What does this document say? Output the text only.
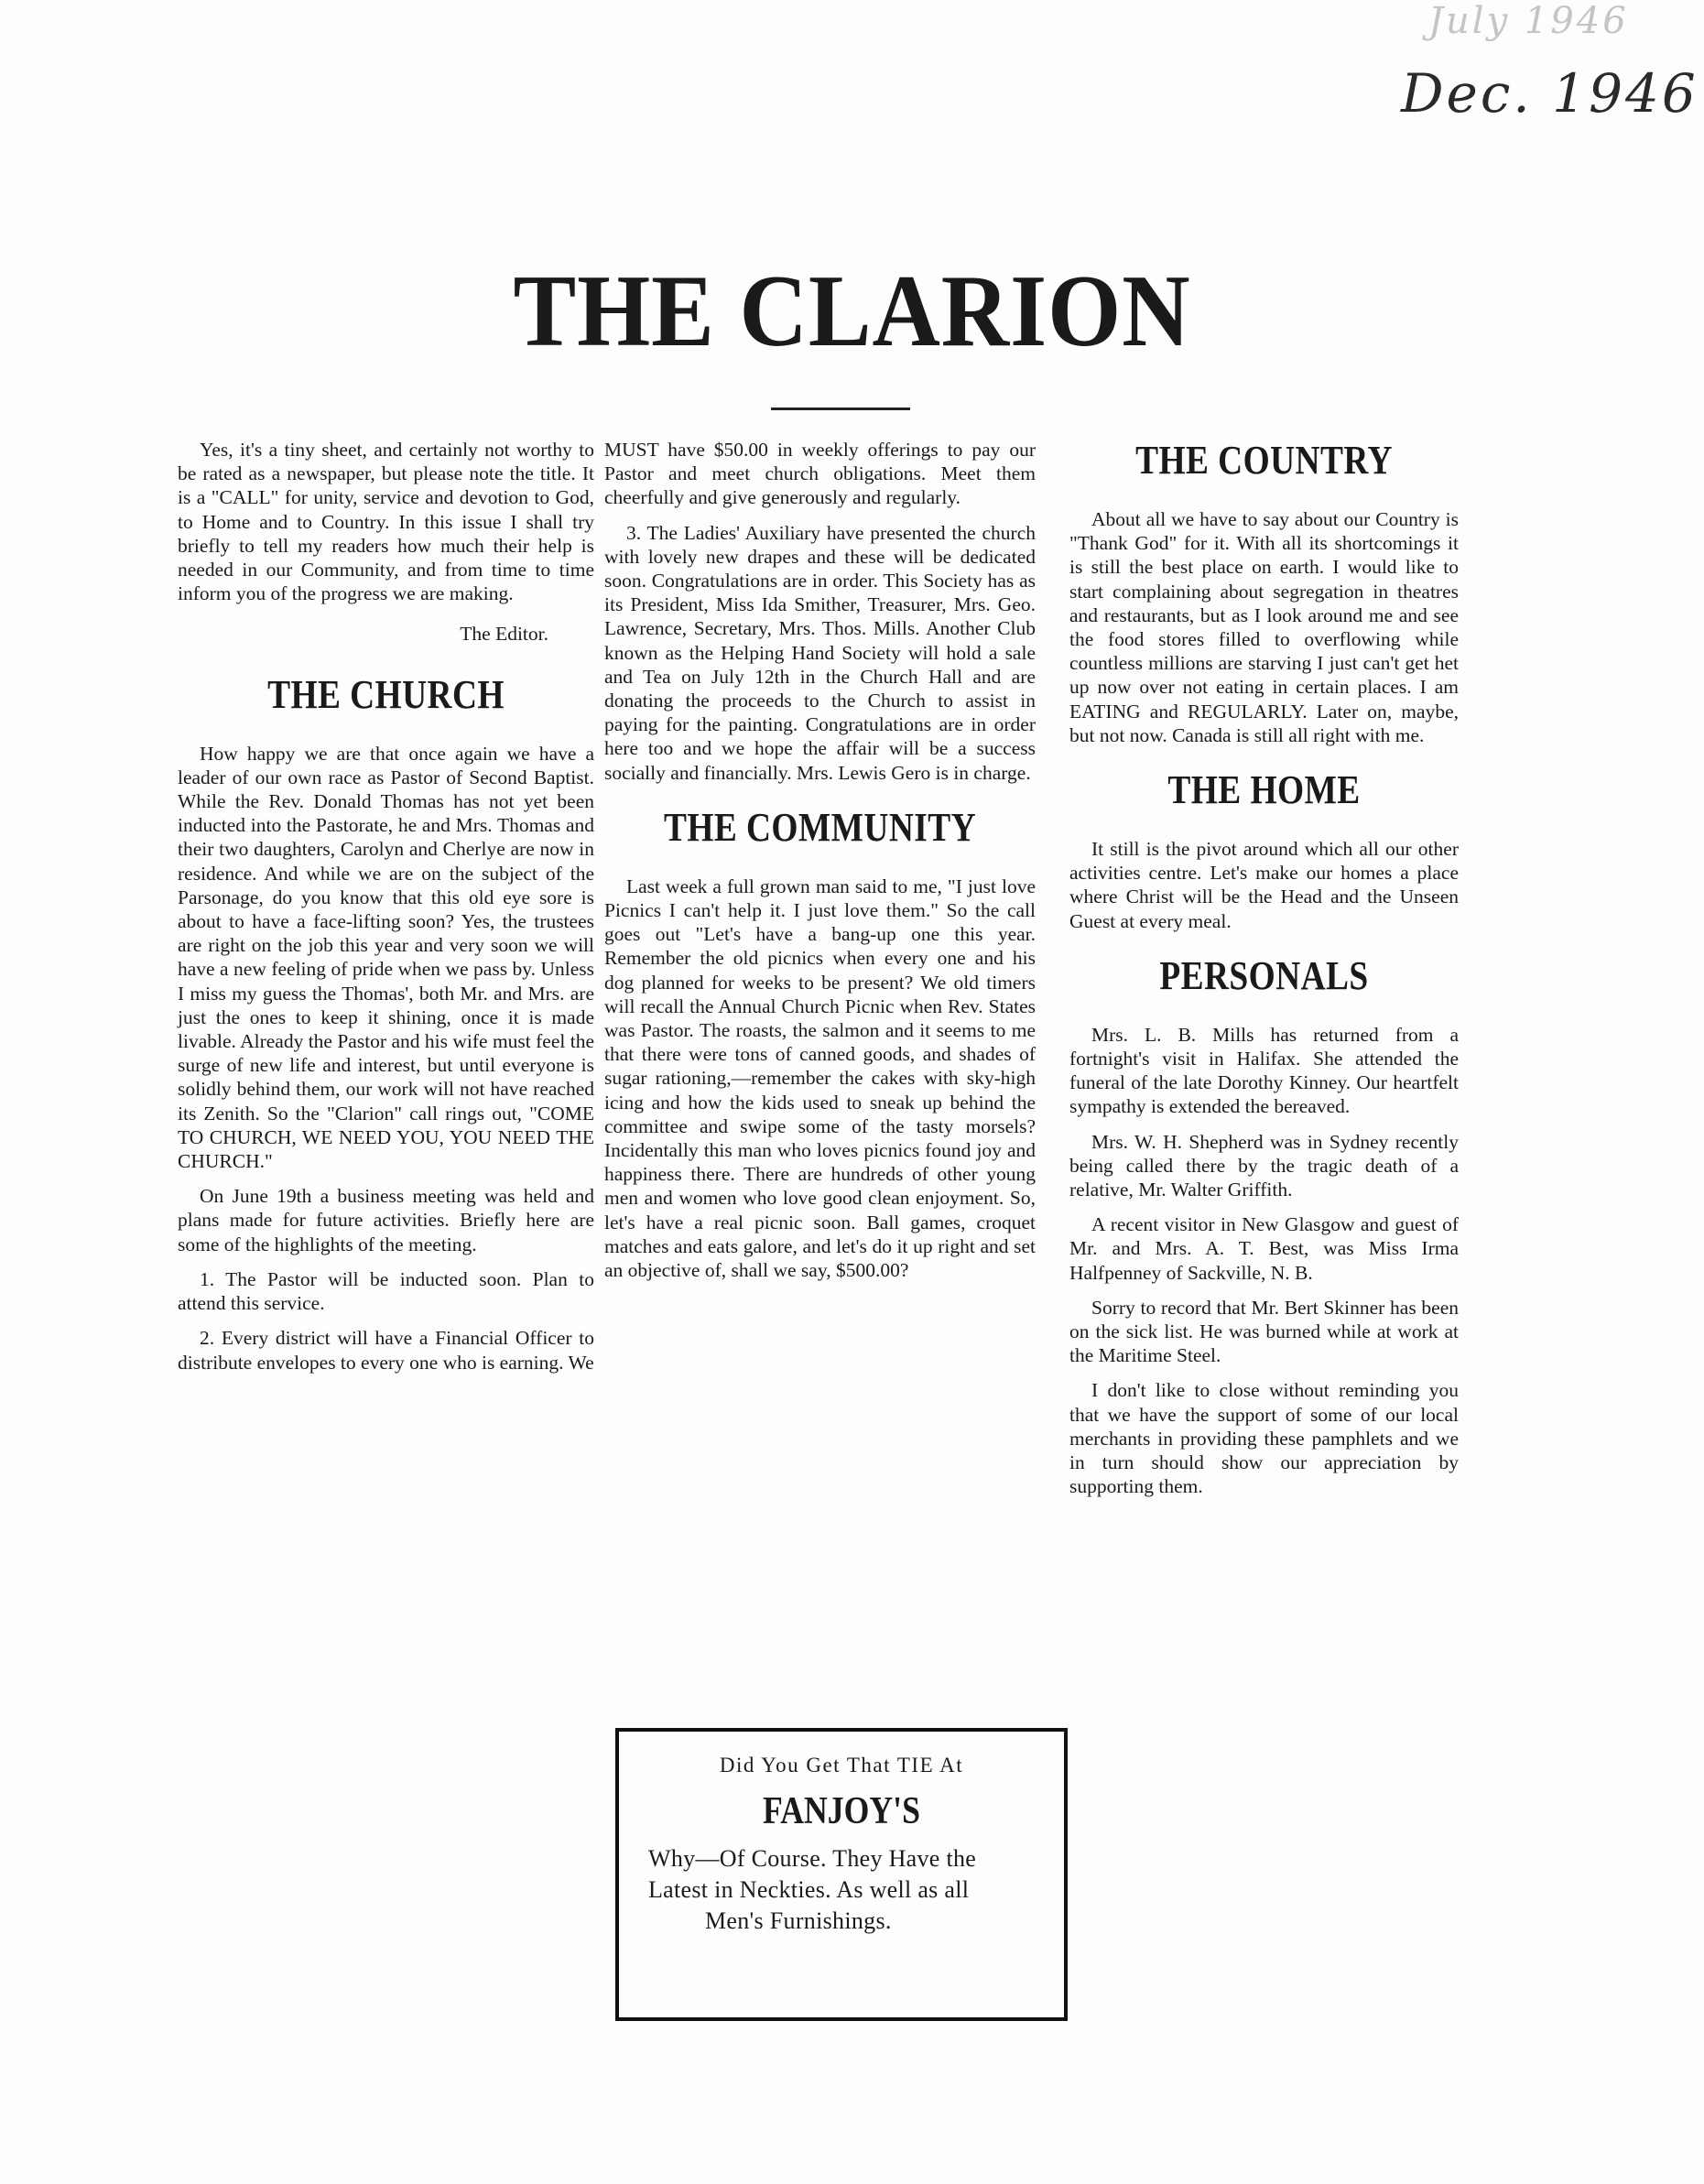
July 1946
Dec. 1946
THE CLARION

Yes, it's a tiny sheet, and certainly not worthy to be rated as a newspaper, but please note the title. It is a "CALL" for unity, service and devotion to God, to Home and to Country. In this issue I shall try briefly to tell my readers how much their help is needed in our Community, and from time to time inform you of the progress we are making.

The Editor.

THE CHURCH

How happy we are that once again we have a leader of our own race as Pastor of Second Baptist. While the Rev. Donald Thomas has not yet been inducted into the Pastorate, he and Mrs. Thomas and their two daughters, Carolyn and Cherlye are now in residence. And while we are on the subject of the Parsonage, do you know that this old eye sore is about to have a face-lifting soon? Yes, the trustees are right on the job this year and very soon we will have a new feeling of pride when we pass by. Unless I miss my guess the Thomas', both Mr. and Mrs. are just the ones to keep it shining, once it is made livable. Already the Pastor and his wife must feel the surge of new life and interest, but until everyone is solidly behind them, our work will not have reached its Zenith. So the "Clarion" call rings out, "COME TO CHURCH, WE NEED YOU, YOU NEED THE CHURCH."

On June 19th a business meeting was held and plans made for future activities. Briefly here are some of the highlights of the meeting.

1. The Pastor will be inducted soon. Plan to attend this service.

2. Every district will have a Financial Officer to distribute envelopes to every one who is earning. We

MUST have $50.00 in weekly offerings to pay our Pastor and meet church obligations. Meet them cheerfully and give generously and regularly.

3. The Ladies' Auxiliary have presented the church with lovely new drapes and these will be dedicated soon. Congratulations are in order. This Society has as its President, Miss Ida Smither, Treasurer, Mrs. Geo. Lawrence, Secretary, Mrs. Thos. Mills. Another Club known as the Helping Hand Society will hold a sale and Tea on July 12th in the Church Hall and are donating the proceeds to the Church to assist in paying for the painting. Congratulations are in order here too and we hope the affair will be a success socially and financially. Mrs. Lewis Gero is in charge.

THE COMMUNITY

Last week a full grown man said to me, "I just love Picnics I can't help it. I just love them." So the call goes out "Let's have a bang-up one this year. Remember the old picnics when every one and his dog planned for weeks to be present? We old timers will recall the Annual Church Picnic when Rev. States was Pastor. The roasts, the salmon and it seems to me that there were tons of canned goods, and shades of sugar rationing,—remember the cakes with sky-high icing and how the kids used to sneak up behind the committee and swipe some of the tasty morsels? Incidentally this man who loves picnics found joy and happiness there. There are hundreds of other young men and women who love good clean enjoyment. So, let's have a real picnic soon. Ball games, croquet matches and eats galore, and let's do it up right and set an objective of, shall we say, $500.00?

THE COUNTRY

About all we have to say about our Country is "Thank God" for it. With all its shortcomings it is still the best place on earth. I would like to start complaining about segregation in theatres and restaurants, but as I look around me and see the food stores filled to overflowing while countless millions are starving I just can't get het up now over not eating in certain places. I am EATING and REGULARLY. Later on, maybe, but not now. Canada is still all right with me.

THE HOME

It still is the pivot around which all our other activities centre. Let's make our homes a place where Christ will be the Head and the Unseen Guest at every meal.

PERSONALS

Mrs. L. B. Mills has returned from a fortnight's visit in Halifax. She attended the funeral of the late Dorothy Kinney. Our heartfelt sympathy is extended the bereaved.

Mrs. W. H. Shepherd was in Sydney recently being called there by the tragic death of a relative, Mr. Walter Griffith.

A recent visitor in New Glasgow and guest of Mr. and Mrs. A. T. Best, was Miss Irma Halfpenney of Sackville, N. B.

Sorry to record that Mr. Bert Skinner has been on the sick list. He was burned while at work at the Maritime Steel.

I don't like to close without reminding you that we have the support of some of our local merchants in providing these pamphlets and we in turn should show our appreciation by supporting them.

Did You Get That TIE At
FANJOY'S
Why—Of Course. They Have the Latest in Neckties. As well as all
Men's Furnishings.
